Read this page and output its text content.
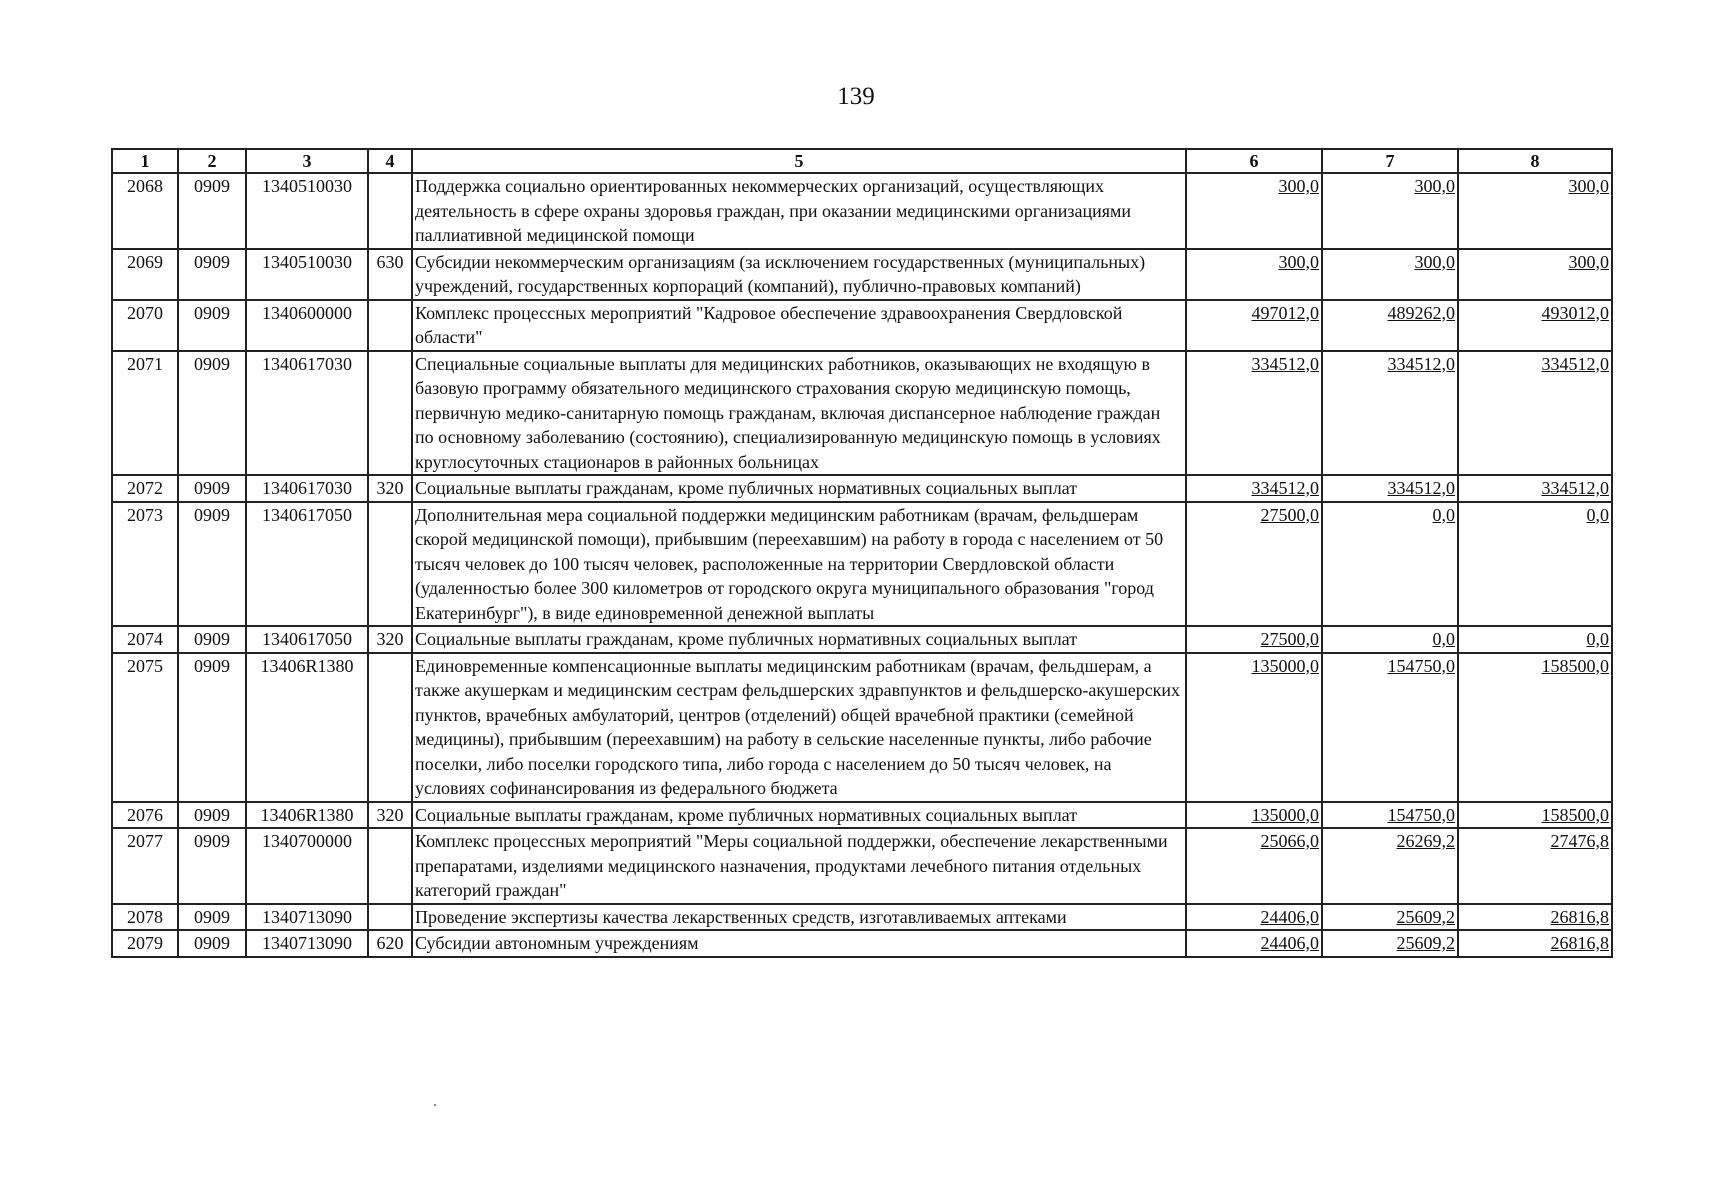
139
1	2	3	4	5	6	7	8
2068	0909	1340510030		Поддержка социально ориентированных некоммерческих организаций, осуществляющих деятельность в сфере охраны здоровья граждан, при оказании медицинскими организациями паллиативной медицинской помощи	300,0	300,0	300,0
2069	0909	1340510030	630	Субсидии некоммерческим организациям (за исключением государственных (муниципальных) учреждений, государственных корпораций (компаний), публично-правовых компаний)	300,0	300,0	300,0
2070	0909	1340600000		Комплекс процессных мероприятий "Кадровое обеспечение здравоохранения Свердловской области"	497012,0	489262,0	493012,0
2071	0909	1340617030		Специальные социальные выплаты для медицинских работников, оказывающих не входящую в базовую программу обязательного медицинского страхования скорую медицинскую помощь, первичную медико-санитарную помощь гражданам, включая диспансерное наблюдение граждан по основному заболеванию (состоянию), специализированную медицинскую помощь в условиях круглосуточных стационаров в районных больницах	334512,0	334512,0	334512,0
2072	0909	1340617030	320	Социальные выплаты гражданам, кроме публичных нормативных социальных выплат	334512,0	334512,0	334512,0
2073	0909	1340617050		Дополнительная мера социальной поддержки медицинским работникам (врачам, фельдшерам скорой медицинской помощи), прибывшим (переехавшим) на работу в города с населением от 50 тысяч человек до 100 тысяч человек, расположенные на территории Свердловской области (удаленностью более 300 километров от городского округа муниципального образования "город Екатеринбург"), в виде единовременной денежной выплаты	27500,0	0,0	0,0
2074	0909	1340617050	320	Социальные выплаты гражданам, кроме публичных нормативных социальных выплат	27500,0	0,0	0,0
2075	0909	13406R1380		Единовременные компенсационные выплаты медицинским работникам (врачам, фельдшерам, а также акушеркам и медицинским сестрам фельдшерских здравпунктов и фельдшерско-акушерских пунктов, врачебных амбулаторий, центров (отделений) общей врачебной практики (семейной медицины), прибывшим (переехавшим) на работу в сельские населенные пункты, либо рабочие поселки, либо поселки городского типа, либо города с населением до 50 тысяч человек, на условиях софинансирования из федерального бюджета	135000,0	154750,0	158500,0
2076	0909	13406R1380	320	Социальные выплаты гражданам, кроме публичных нормативных социальных выплат	135000,0	154750,0	158500,0
2077	0909	1340700000		Комплекс процессных мероприятий "Меры социальной поддержки, обеспечение лекарственными препаратами, изделиями медицинского назначения, продуктами лечебного питания отдельных категорий граждан"	25066,0	26269,2	27476,8
2078	0909	1340713090		Проведение экспертизы качества лекарственных средств, изготавливаемых аптеками	24406,0	25609,2	26816,8
2079	0909	1340713090	620	Субсидии автономным учреждениям	24406,0	25609,2	26816,8
